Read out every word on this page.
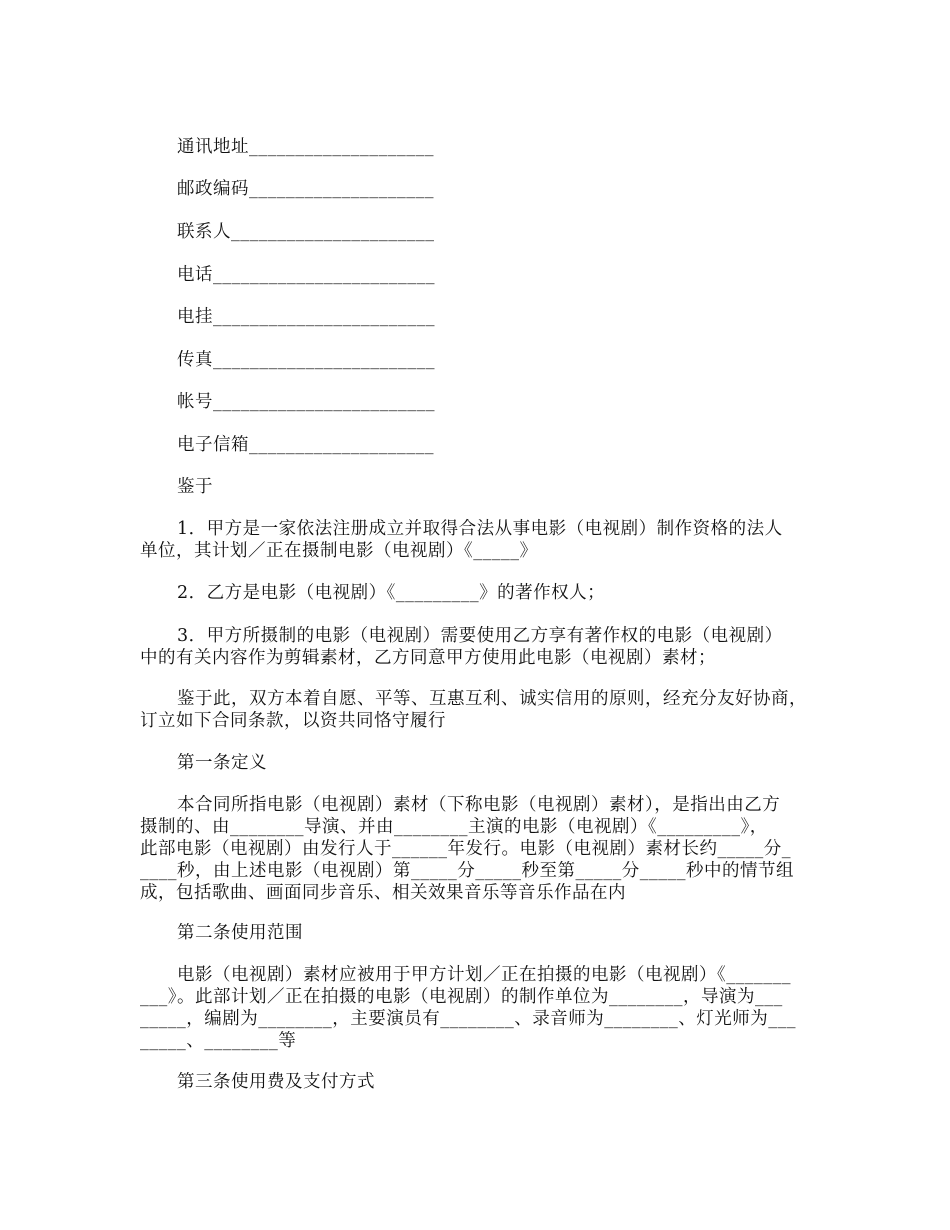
通讯地址____________________
邮政编码____________________
联系人______________________
电话________________________
电挂________________________
传真________________________
帐号________________________
电子信箱____________________
鉴于
1．甲方是一家依法注册成立并取得合法从事电影（电视剧）制作资格的法人
单位，其计划／正在摄制电影（电视剧）《_____》
2．乙方是电影（电视剧）《_________》的著作权人；
3．甲方所摄制的电影（电视剧）需要使用乙方享有著作权的电影（电视剧）
中的有关内容作为剪辑素材，乙方同意甲方使用此电影（电视剧）素材；
鉴于此，双方本着自愿、平等、互惠互利、诚实信用的原则，经充分友好协商，
订立如下合同条款，以资共同恪守履行
第一条定义
本合同所指电影（电视剧）素材（下称电影（电视剧）素材），是指出由乙方
摄制的、由________导演、并由________主演的电影（电视剧）《_________》，
此部电影（电视剧）由发行人于______年发行。电影（电视剧）素材长约_____分_
____秒，由上述电影（电视剧）第_____分_____秒至第_____分_____秒中的情节组
成，包括歌曲、画面同步音乐、相关效果音乐等音乐作品在内
第二条使用范围
电影（电视剧）素材应被用于甲方计划／正在拍摄的电影（电视剧）《_______
___》。此部计划／正在拍摄的电影（电视剧）的制作单位为________，导演为___
_____，编剧为________，主要演员有________、录音师为________、灯光师为___
_____、________等
第三条使用费及支付方式
